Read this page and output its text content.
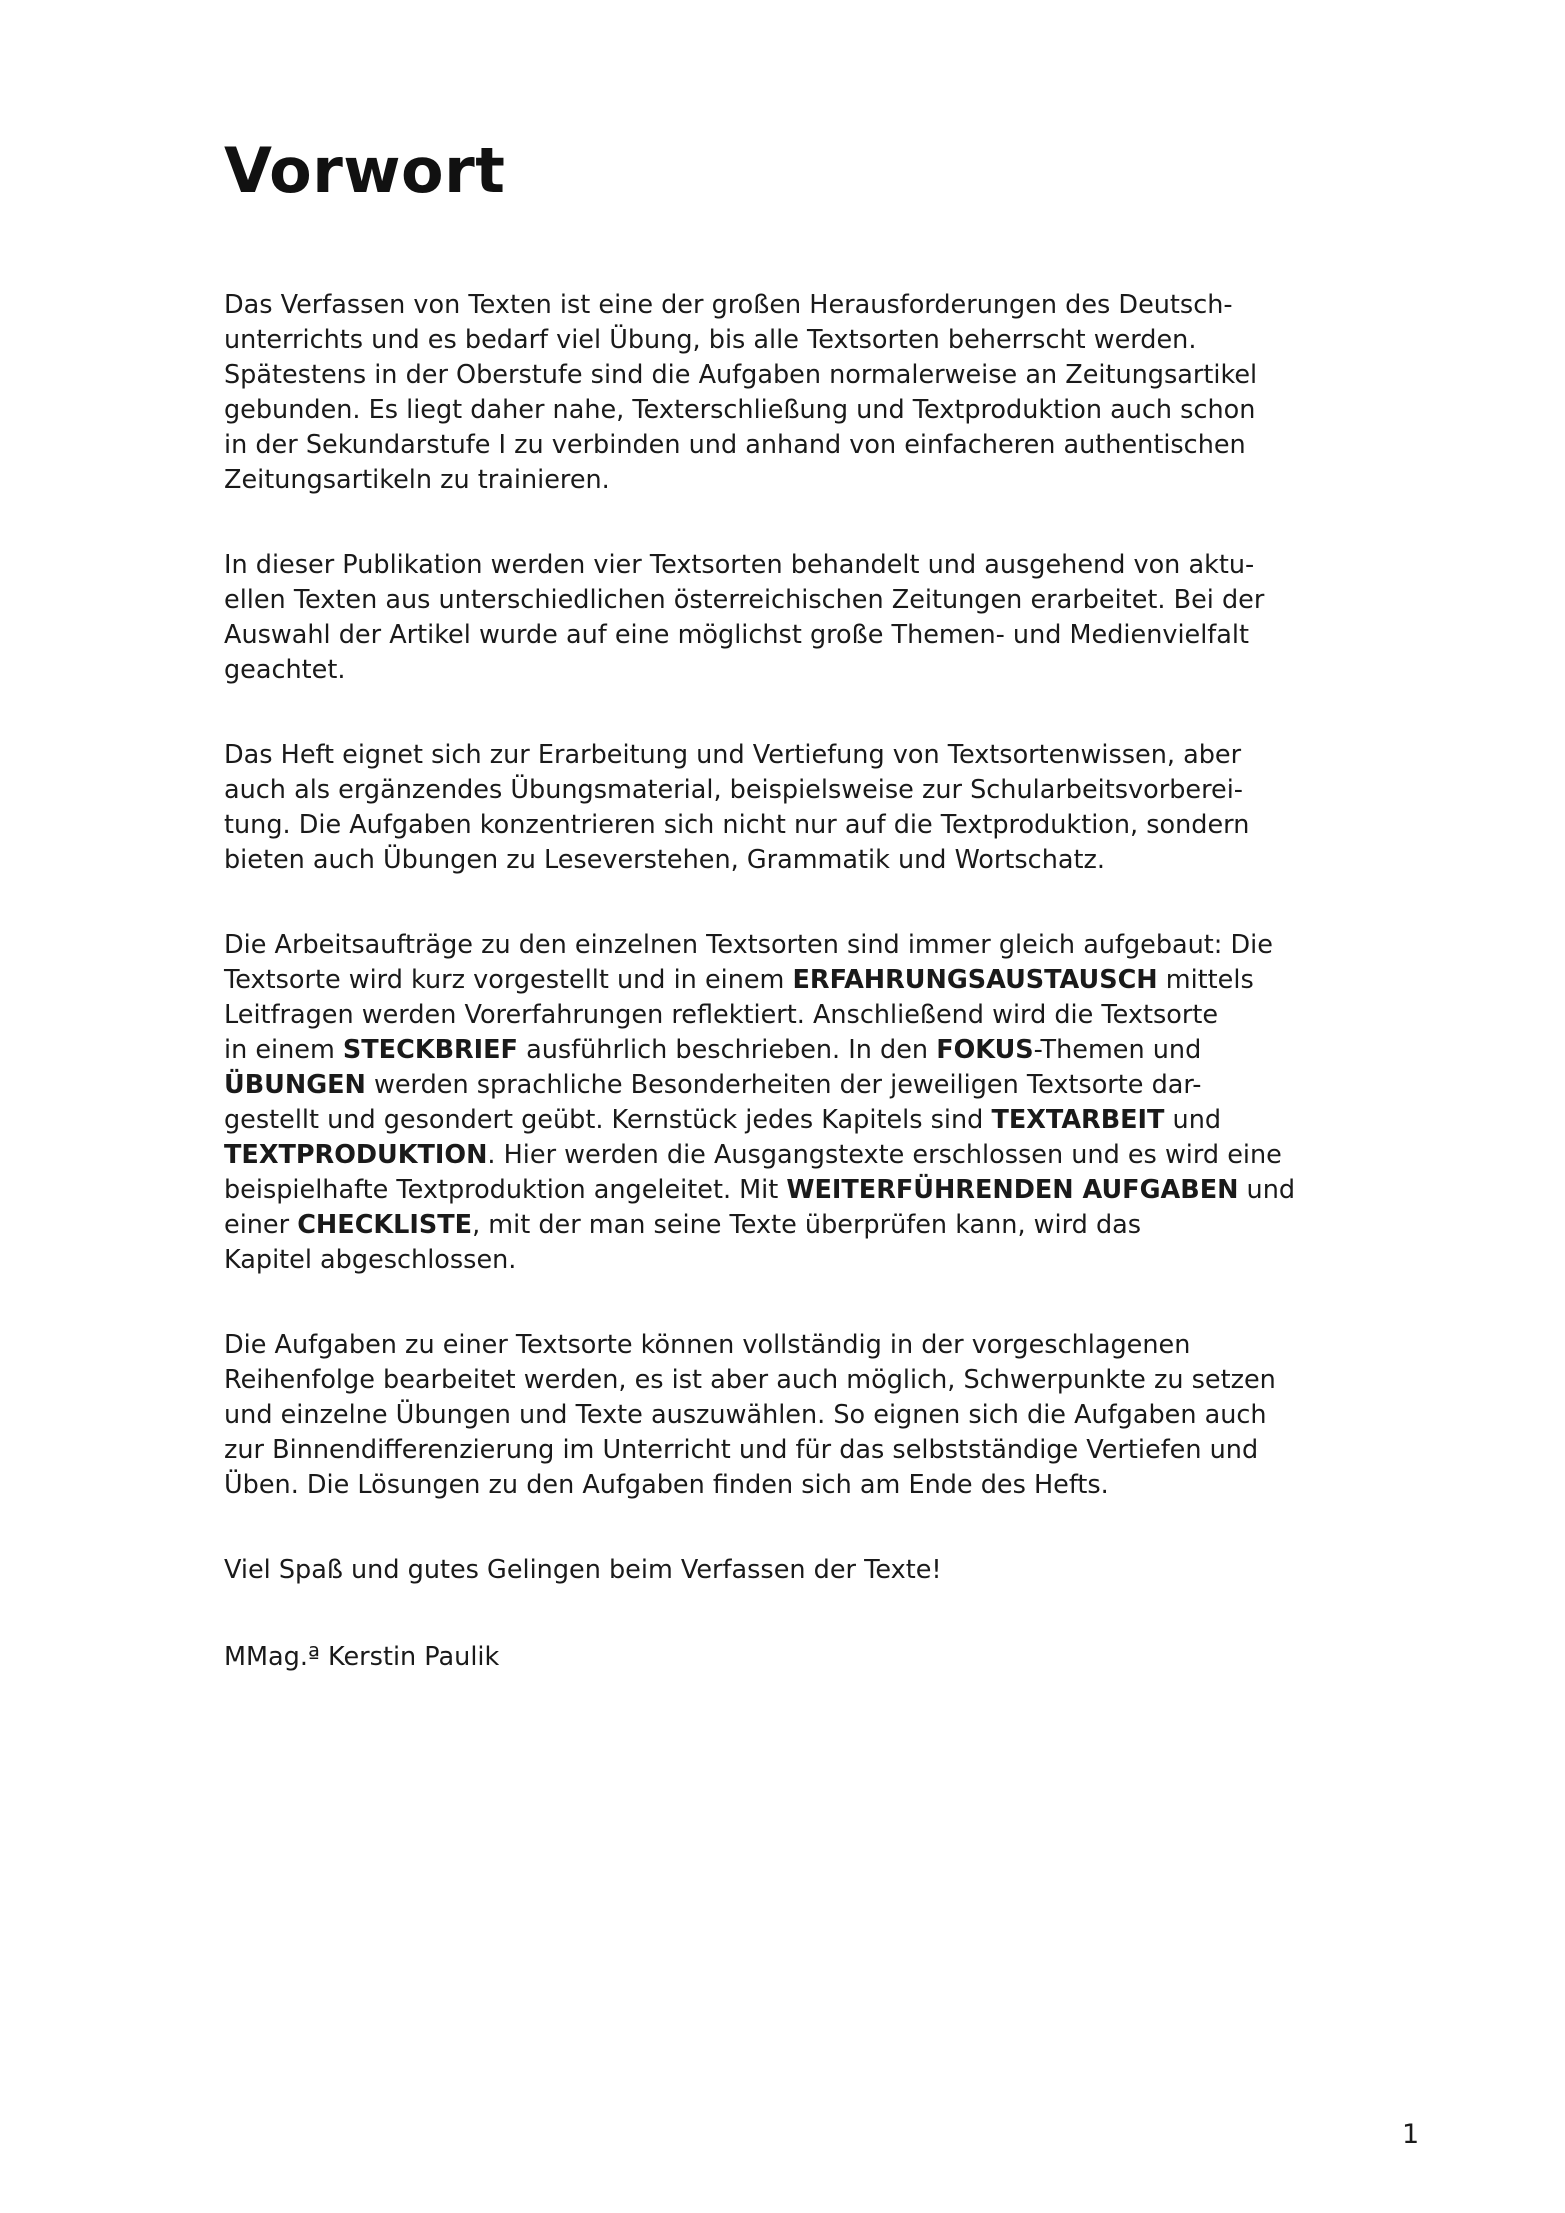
Vorwort

Das Verfassen von Texten ist eine der großen Herausforderungen des Deutsch-
unterrichts und es bedarf viel Übung, bis alle Textsorten beherrscht werden.
Spätestens in der Oberstufe sind die Aufgaben normalerweise an Zeitungsartikel
gebunden. Es liegt daher nahe, Texterschließung und Textproduktion auch schon
in der Sekundarstufe I zu verbinden und anhand von einfacheren authentischen
Zeitungsartikeln zu trainieren.

In dieser Publikation werden vier Textsorten behandelt und ausgehend von aktu-
ellen Texten aus unterschiedlichen österreichischen Zeitungen erarbeitet. Bei der
Auswahl der Artikel wurde auf eine möglichst große Themen- und Medienvielfalt
geachtet.

Das Heft eignet sich zur Erarbeitung und Vertiefung von Textsortenwissen, aber
auch als ergänzendes Übungsmaterial, beispielsweise zur Schularbeitsvorberei-
tung. Die Aufgaben konzentrieren sich nicht nur auf die Textproduktion, sondern
bieten auch Übungen zu Leseverstehen, Grammatik und Wortschatz.

Die Arbeitsaufträge zu den einzelnen Textsorten sind immer gleich aufgebaut: Die
Textsorte wird kurz vorgestellt und in einem ERFAHRUNGSAUSTAUSCH mittels
Leitfragen werden Vorerfahrungen reflektiert. Anschließend wird die Textsorte
in einem STECKBRIEF ausführlich beschrieben. In den FOKUS-Themen und
ÜBUNGEN werden sprachliche Besonderheiten der jeweiligen Textsorte dar-
gestellt und gesondert geübt. Kernstück jedes Kapitels sind TEXTARBEIT und
TEXTPRODUKTION. Hier werden die Ausgangstexte erschlossen und es wird eine
beispielhafte Textproduktion angeleitet. Mit WEITERFÜHRENDEN AUFGABEN und
einer CHECKLISTE, mit der man seine Texte überprüfen kann, wird das
Kapitel abgeschlossen.

Die Aufgaben zu einer Textsorte können vollständig in der vorgeschlagenen
Reihenfolge bearbeitet werden, es ist aber auch möglich, Schwerpunkte zu setzen
und einzelne Übungen und Texte auszuwählen. So eignen sich die Aufgaben auch
zur Binnendifferenzierung im Unterricht und für das selbstständige Vertiefen und
Üben. Die Lösungen zu den Aufgaben finden sich am Ende des Hefts.

Viel Spaß und gutes Gelingen beim Verfassen der Texte!

MMag.ª Kerstin Paulik

1
